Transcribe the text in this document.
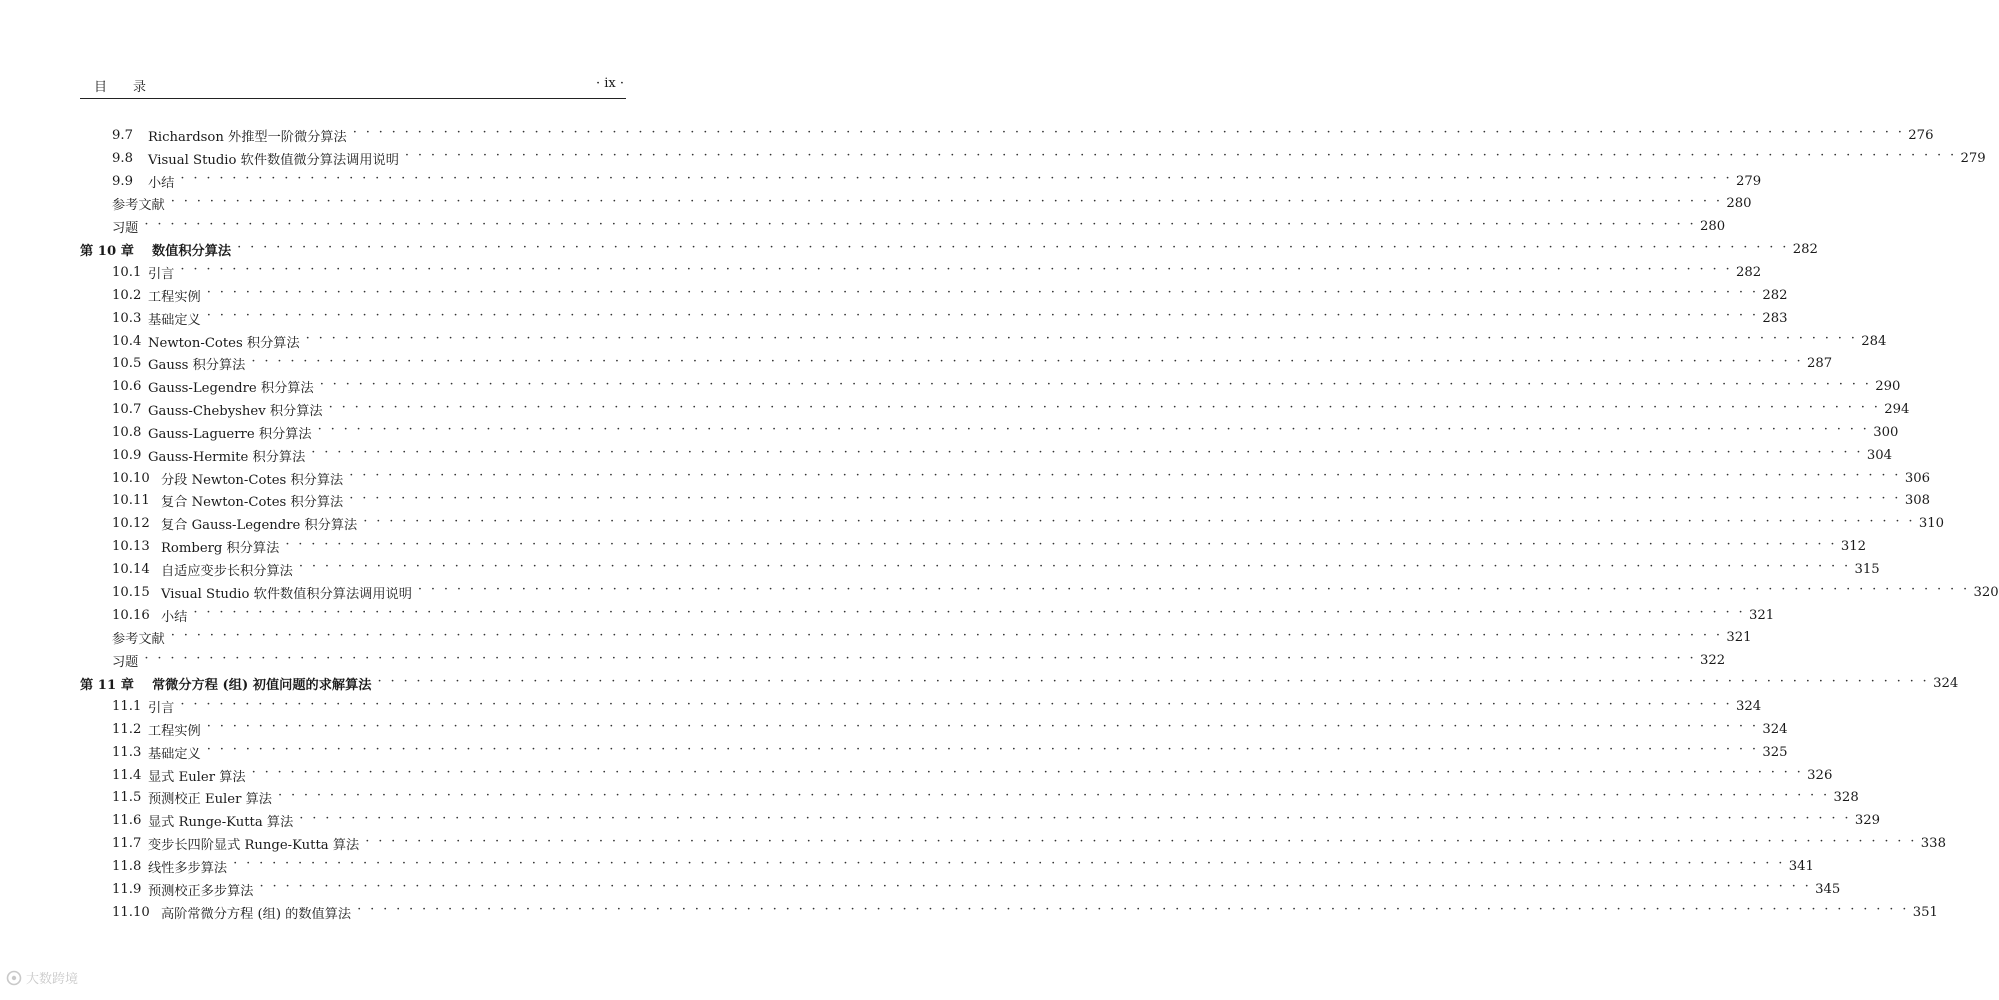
目录	· ix ·
9.7	Richardson 外推型一阶微分算法 · · · · · · · · · · · · · · · · · · · · · · · · · · · · · · · · · · · · · · · · · · · · · · · · · · · · · · · · · · · · · · · · · · · · · · · · · · · · · · · · · · · · · · · · · · · · · · · · · · · · · · · · · · · · · · · · · · · · · · · · 276
9.8	Visual Studio 软件数值微分算法调用说明 · · · · · · · · · · · · · · · · · · · · · · · · · · · · · · · · · · · · · · · · · · · · · · · · · · · · · · · · · · · · · · · · · · · · · · · · · · · · · · · · · · · · · · · · · · · · · · · · · · · · · · · · · · · · · · · · · · · · · · · · 279
9.9	小结 · · · · · · · · · · · · · · · · · · · · · · · · · · · · · · · · · · · · · · · · · · · · · · · · · · · · · · · · · · · · · · · · · · · · · · · · · · · · · · · · · · · · · · · · · · · · · · · · · · · · · · · · · · · · · · · · · · · · · · · · 279
参考文献 · · · · · · · · · · · · · · · · · · · · · · · · · · · · · · · · · · · · · · · · · · · · · · · · · · · · · · · · · · · · · · · · · · · · · · · · · · · · · · · · · · · · · · · · · · · · · · · · · · · · · · · · · · · · · · · · · · · · · · · · 280
习题 · · · · · · · · · · · · · · · · · · · · · · · · · · · · · · · · · · · · · · · · · · · · · · · · · · · · · · · · · · · · · · · · · · · · · · · · · · · · · · · · · · · · · · · · · · · · · · · · · · · · · · · · · · · · · · · · · · · · · · · · 280
第 10 章	数值积分算法 · · · · · · · · · · · · · · · · · · · · · · · · · · · · · · · · · · · · · · · · · · · · · · · · · · · · · · · · · · · · · · · · · · · · · · · · · · · · · · · · · · · · · · · · · · · · · · · · · · · · · · · · · · · · · · · · · · · · · · · · 282
10.1 引言 · · · · · · · · · · · · · · · · · · · · · · · · · · · · · · · · · · · · · · · · · · · · · · · · · · · · · · · · · · · · · · · · · · · · · · · · · · · · · · · · · · · · · · · · · · · · · · · · · · · · · · · · · · · · · · · · · · · · · · · · 282
10.2 工程实例 · · · · · · · · · · · · · · · · · · · · · · · · · · · · · · · · · · · · · · · · · · · · · · · · · · · · · · · · · · · · · · · · · · · · · · · · · · · · · · · · · · · · · · · · · · · · · · · · · · · · · · · · · · · · · · · · · · · · · · · · 282
10.3 基础定义 · · · · · · · · · · · · · · · · · · · · · · · · · · · · · · · · · · · · · · · · · · · · · · · · · · · · · · · · · · · · · · · · · · · · · · · · · · · · · · · · · · · · · · · · · · · · · · · · · · · · · · · · · · · · · · · · · · · · · · · · 283
10.4 Newton-Cotes 积分算法 · · · · · · · · · · · · · · · · · · · · · · · · · · · · · · · · · · · · · · · · · · · · · · · · · · · · · · · · · · · · · · · · · · · · · · · · · · · · · · · · · · · · · · · · · · · · · · · · · · · · · · · · · · · · · · · · · · · · · · · · 284
10.5 Gauss 积分算法 · · · · · · · · · · · · · · · · · · · · · · · · · · · · · · · · · · · · · · · · · · · · · · · · · · · · · · · · · · · · · · · · · · · · · · · · · · · · · · · · · · · · · · · · · · · · · · · · · · · · · · · · · · · · · · · · · · · · · · · · 287
10.6 Gauss-Legendre 积分算法 · · · · · · · · · · · · · · · · · · · · · · · · · · · · · · · · · · · · · · · · · · · · · · · · · · · · · · · · · · · · · · · · · · · · · · · · · · · · · · · · · · · · · · · · · · · · · · · · · · · · · · · · · · · · · · · · · · · · · · · · 290
10.7 Gauss-Chebyshev 积分算法 · · · · · · · · · · · · · · · · · · · · · · · · · · · · · · · · · · · · · · · · · · · · · · · · · · · · · · · · · · · · · · · · · · · · · · · · · · · · · · · · · · · · · · · · · · · · · · · · · · · · · · · · · · · · · · · · · · · · · · · · 294
10.8 Gauss-Laguerre 积分算法 · · · · · · · · · · · · · · · · · · · · · · · · · · · · · · · · · · · · · · · · · · · · · · · · · · · · · · · · · · · · · · · · · · · · · · · · · · · · · · · · · · · · · · · · · · · · · · · · · · · · · · · · · · · · · · · · · · · · · · · · 300
10.9 Gauss-Hermite 积分算法 · · · · · · · · · · · · · · · · · · · · · · · · · · · · · · · · · · · · · · · · · · · · · · · · · · · · · · · · · · · · · · · · · · · · · · · · · · · · · · · · · · · · · · · · · · · · · · · · · · · · · · · · · · · · · · · · · · · · · · · · 304
10.10 分段 Newton-Cotes 积分算法 · · · · · · · · · · · · · · · · · · · · · · · · · · · · · · · · · · · · · · · · · · · · · · · · · · · · · · · · · · · · · · · · · · · · · · · · · · · · · · · · · · · · · · · · · · · · · · · · · · · · · · · · · · · · · · · · · · · · · · · · 306
10.11 复合 Newton-Cotes 积分算法 · · · · · · · · · · · · · · · · · · · · · · · · · · · · · · · · · · · · · · · · · · · · · · · · · · · · · · · · · · · · · · · · · · · · · · · · · · · · · · · · · · · · · · · · · · · · · · · · · · · · · · · · · · · · · · · · · · · · · · · · 308
10.12 复合 Gauss-Legendre 积分算法 · · · · · · · · · · · · · · · · · · · · · · · · · · · · · · · · · · · · · · · · · · · · · · · · · · · · · · · · · · · · · · · · · · · · · · · · · · · · · · · · · · · · · · · · · · · · · · · · · · · · · · · · · · · · · · · · · · · · · · · · 310
10.13 Romberg 积分算法 · · · · · · · · · · · · · · · · · · · · · · · · · · · · · · · · · · · · · · · · · · · · · · · · · · · · · · · · · · · · · · · · · · · · · · · · · · · · · · · · · · · · · · · · · · · · · · · · · · · · · · · · · · · · · · · · · · · · · · · · 312
10.14 自适应变步长积分算法 · · · · · · · · · · · · · · · · · · · · · · · · · · · · · · · · · · · · · · · · · · · · · · · · · · · · · · · · · · · · · · · · · · · · · · · · · · · · · · · · · · · · · · · · · · · · · · · · · · · · · · · · · · · · · · · · · · · · · · · · 315
10.15 Visual Studio 软件数值积分算法调用说明 · · · · · · · · · · · · · · · · · · · · · · · · · · · · · · · · · · · · · · · · · · · · · · · · · · · · · · · · · · · · · · · · · · · · · · · · · · · · · · · · · · · · · · · · · · · · · · · · · · · · · · · · · · · · · · · · · · · · · · · · 320
10.16 小结 · · · · · · · · · · · · · · · · · · · · · · · · · · · · · · · · · · · · · · · · · · · · · · · · · · · · · · · · · · · · · · · · · · · · · · · · · · · · · · · · · · · · · · · · · · · · · · · · · · · · · · · · · · · · · · · · · · · · · · · · 321
参考文献 · · · · · · · · · · · · · · · · · · · · · · · · · · · · · · · · · · · · · · · · · · · · · · · · · · · · · · · · · · · · · · · · · · · · · · · · · · · · · · · · · · · · · · · · · · · · · · · · · · · · · · · · · · · · · · · · · · · · · · · · 321
习题 · · · · · · · · · · · · · · · · · · · · · · · · · · · · · · · · · · · · · · · · · · · · · · · · · · · · · · · · · · · · · · · · · · · · · · · · · · · · · · · · · · · · · · · · · · · · · · · · · · · · · · · · · · · · · · · · · · · · · · · · 322
第 11 章	常微分方程 (组) 初值问题的求解算法 · · · · · · · · · · · · · · · · · · · · · · · · · · · · · · · · · · · · · · · · · · · · · · · · · · · · · · · · · · · · · · · · · · · · · · · · · · · · · · · · · · · · · · · · · · · · · · · · · · · · · · · · · · · · · · · · · · · · · · · · 324
11.1 引言 · · · · · · · · · · · · · · · · · · · · · · · · · · · · · · · · · · · · · · · · · · · · · · · · · · · · · · · · · · · · · · · · · · · · · · · · · · · · · · · · · · · · · · · · · · · · · · · · · · · · · · · · · · · · · · · · · · · · · · · · 324
11.2 工程实例 · · · · · · · · · · · · · · · · · · · · · · · · · · · · · · · · · · · · · · · · · · · · · · · · · · · · · · · · · · · · · · · · · · · · · · · · · · · · · · · · · · · · · · · · · · · · · · · · · · · · · · · · · · · · · · · · · · · · · · · · 324
11.3 基础定义 · · · · · · · · · · · · · · · · · · · · · · · · · · · · · · · · · · · · · · · · · · · · · · · · · · · · · · · · · · · · · · · · · · · · · · · · · · · · · · · · · · · · · · · · · · · · · · · · · · · · · · · · · · · · · · · · · · · · · · · · 325
11.4 显式 Euler 算法 · · · · · · · · · · · · · · · · · · · · · · · · · · · · · · · · · · · · · · · · · · · · · · · · · · · · · · · · · · · · · · · · · · · · · · · · · · · · · · · · · · · · · · · · · · · · · · · · · · · · · · · · · · · · · · · · · · · · · · · · 326
11.5 预测校正 Euler 算法 · · · · · · · · · · · · · · · · · · · · · · · · · · · · · · · · · · · · · · · · · · · · · · · · · · · · · · · · · · · · · · · · · · · · · · · · · · · · · · · · · · · · · · · · · · · · · · · · · · · · · · · · · · · · · · · · · · · · · · · · 328
11.6 显式 Runge-Kutta 算法 · · · · · · · · · · · · · · · · · · · · · · · · · · · · · · · · · · · · · · · · · · · · · · · · · · · · · · · · · · · · · · · · · · · · · · · · · · · · · · · · · · · · · · · · · · · · · · · · · · · · · · · · · · · · · · · · · · · · · · · · 329
11.7 变步长四阶显式 Runge-Kutta 算法 · · · · · · · · · · · · · · · · · · · · · · · · · · · · · · · · · · · · · · · · · · · · · · · · · · · · · · · · · · · · · · · · · · · · · · · · · · · · · · · · · · · · · · · · · · · · · · · · · · · · · · · · · · · · · · · · · · · · · · · · 338
11.8 线性多步算法 · · · · · · · · · · · · · · · · · · · · · · · · · · · · · · · · · · · · · · · · · · · · · · · · · · · · · · · · · · · · · · · · · · · · · · · · · · · · · · · · · · · · · · · · · · · · · · · · · · · · · · · · · · · · · · · · · · · · · · · · 341
11.9 预测校正多步算法 · · · · · · · · · · · · · · · · · · · · · · · · · · · · · · · · · · · · · · · · · · · · · · · · · · · · · · · · · · · · · · · · · · · · · · · · · · · · · · · · · · · · · · · · · · · · · · · · · · · · · · · · · · · · · · · · · · · · · · · · 345
11.10 高阶常微分方程 (组) 的数值算法 · · · · · · · · · · · · · · · · · · · · · · · · · · · · · · · · · · · · · · · · · · · · · · · · · · · · · · · · · · · · · · · · · · · · · · · · · · · · · · · · · · · · · · · · · · · · · · · · · · · · · · · · · · · · · · · · · · · · · · · · 351
大数跨境
